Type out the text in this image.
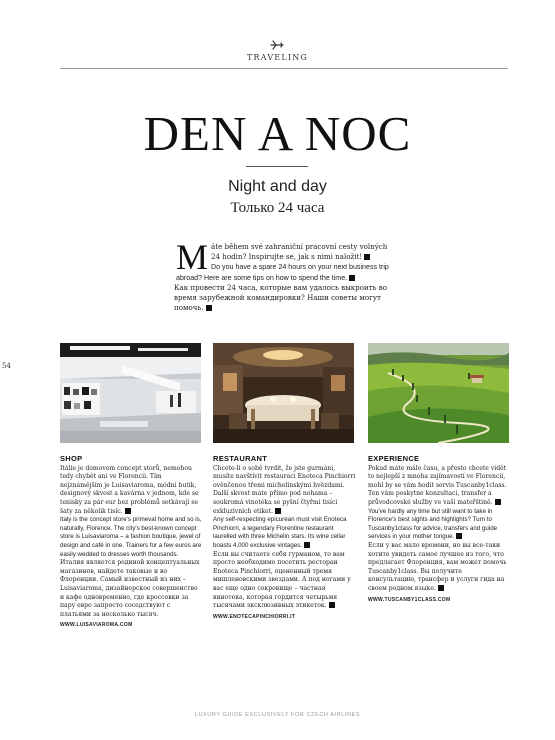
TRAVELING
DEN A NOC
Night and day
Только 24 часа
M áte během své zahraniční pracovní cesty volných 24 hodin? Inspirujte se, jak s nimi naložit!

Do you have a spare 24 hours on your next business trip abroad? Here are some tips on how to spend the time.

Как провести 24 часа, которые вам удалось выкроить во время зарубежной командировки? Наши советы могут помочь.

54
SHOP

Itálie je domovem concept storů, nemohou tedy chybět ani ve Florencii. Tím nejznámějším je Luisaviaroma, módní butik, designový skvost a kavárna v jednom, kde se tenisky za pár eur bez problémů setkávají se šaty za několik tisíc.

Italy is the concept store's primeval home and so is, naturally, Florence. The city's best-known concept store is Luisaviaroma – a fashion boutique, jewel of design and café in one. Trainers for a few euros are easily wedded to dresses worth thousands.

Италия является родиной концептуальных магазинов, найдете таковые и во Флоренции. Самый известный из них – Luisaviaroma, дизайнерское совершенство и кафе одновременно, где кроссовки за пару евро запросто соседствуют с платьями за несколько тысяч.

WWW.LUISAVIAROMA.COM
RESTAURANT

Chcete-li o sobě tvrdit, že jste gurmáni, musíte navštívit restauraci Enoteca Pinchiorri ověnčenou třemi michelinskými hvězdami. Další skvost máte přímo pod nohama – soukromá vinotéka se pyšní čtyřmi tisíci exkluzivních etiket.

Any self-respecting epicurean must visit Enoteca Pinchiorri, a legendary Florentine restaurant laurelled with three Michelin stars. Its wine cellar boasts 4,000 exclusive vintages.

Если вы считаете себя гурманом, то вам просто необходимо посетить ресторан Enoteca Pinchiorri, оцененный тремя мишленовскими звездами. А под ногами у вас еще одно сокровище – частная винотека, которая гордится четырьмя тысячами эксклюзивных этикеток.

WWW.ENOTECAPINCHIORRI.IT
EXPERIENCE

Pokud máte málo času, a přesto chcete vidět to nejlepší z mnoha zajímavostí ve Florencii, mohl by se vám hodit servis Tuscanby1class. Ten vám poskytne konzultaci, transfer a průvodcovské služby ve vaší mateřštině.

You've hardly any time but still want to take in Florence's best sights and highlights? Turn to Tuscanby1class for advice, transfers and guide services in your mother tongue.

Если у вас мало времени, но вы все-таки хотите увидеть самое лучшее из того, что предлагает Флоренция, вам может помочь Tuscanby1class. Вы получите консультацию, трансфер и услуги гида на своем родном языке.

WWW.TUSCANBY1CLASS.COM
LUXURY GUIDE EXCLUSIVELY FOR CZECH AIRLINES
